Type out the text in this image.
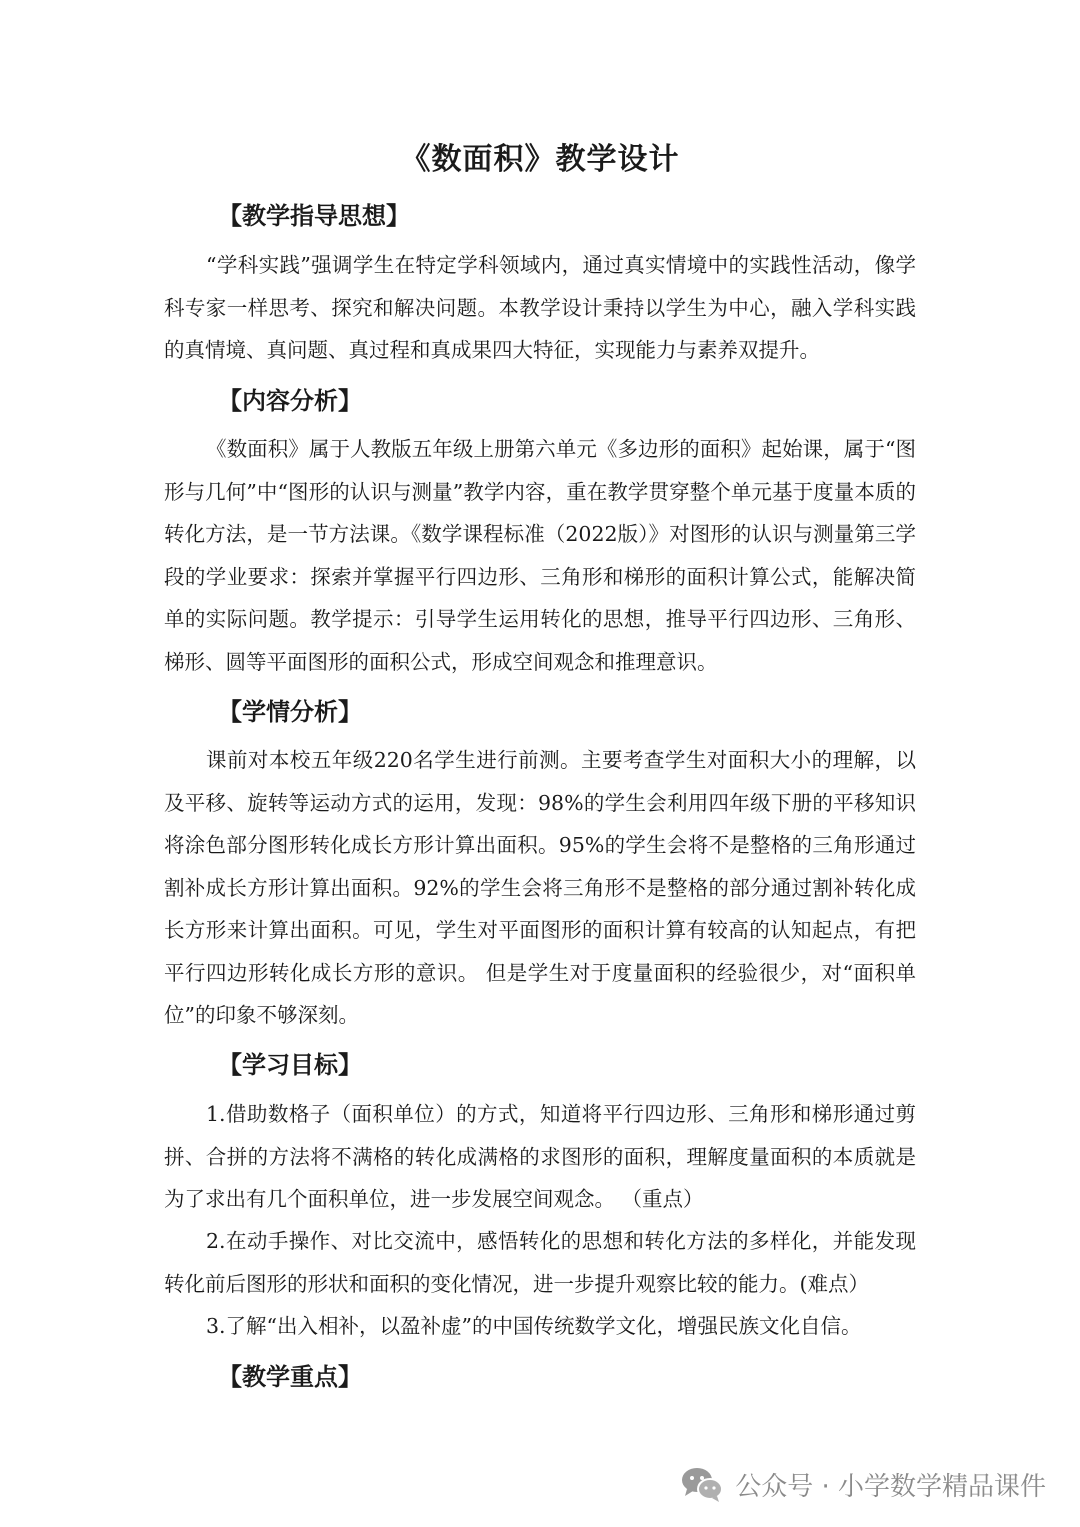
《数面积》教学设计
【教学指导思想】

“学科实践”强调学生在特定学科领域内，通过真实情境中的实践性活动，像学科专家一样思考、探究和解决问题。本教学设计秉持以学生为中心，融入学科实践的真情境、真问题、真过程和真成果四大特征，实现能力与素养双提升。

【内容分析】

《数面积》属于人教版五年级上册第六单元《多边形的面积》起始课，属于“图形与几何”中“图形的认识与测量”教学内容，重在教学贯穿整个单元基于度量本质的转化方法，是一节方法课。《数学课程标准（2022版）》对图形的认识与测量第三学段的学业要求：探索并掌握平行四边形、三角形和梯形的面积计算公式，能解决简单的实际问题。教学提示：引导学生运用转化的思想，推导平行四边形、三角形、梯形、圆等平面图形的面积公式，形成空间观念和推理意识。

【学情分析】

课前对本校五年级220名学生进行前测。主要考查学生对面积大小的理解，以及平移、旋转等运动方式的运用，发现：98%的学生会利用四年级下册的平移知识将涂色部分图形转化成长方形计算出面积。95%的学生会将不是整格的三角形通过割补成长方形计算出面积。92%的学生会将三角形不是整格的部分通过割补转化成长方形来计算出面积。可见，学生对平面图形的面积计算有较高的认知起点，有把平行四边形转化成长方形的意识。 但是学生对于度量面积的经验很少，对“面积单位”的印象不够深刻。

【学习目标】

1.借助数格子（面积单位）的方式，知道将平行四边形、三角形和梯形通过剪拼、合拼的方法将不满格的转化成满格的求图形的面积，理解度量面积的本质就是为了求出有几个面积单位，进一步发展空间观念。 （重点）

2.在动手操作、对比交流中，感悟转化的思想和转化方法的多样化，并能发现转化前后图形的形状和面积的变化情况，进一步提升观察比较的能力。(难点）

3.了解“出入相补，以盈补虚”的中国传统数学文化，增强民族文化自信。

【教学重点】
公众号 · 小学数学精品课件
